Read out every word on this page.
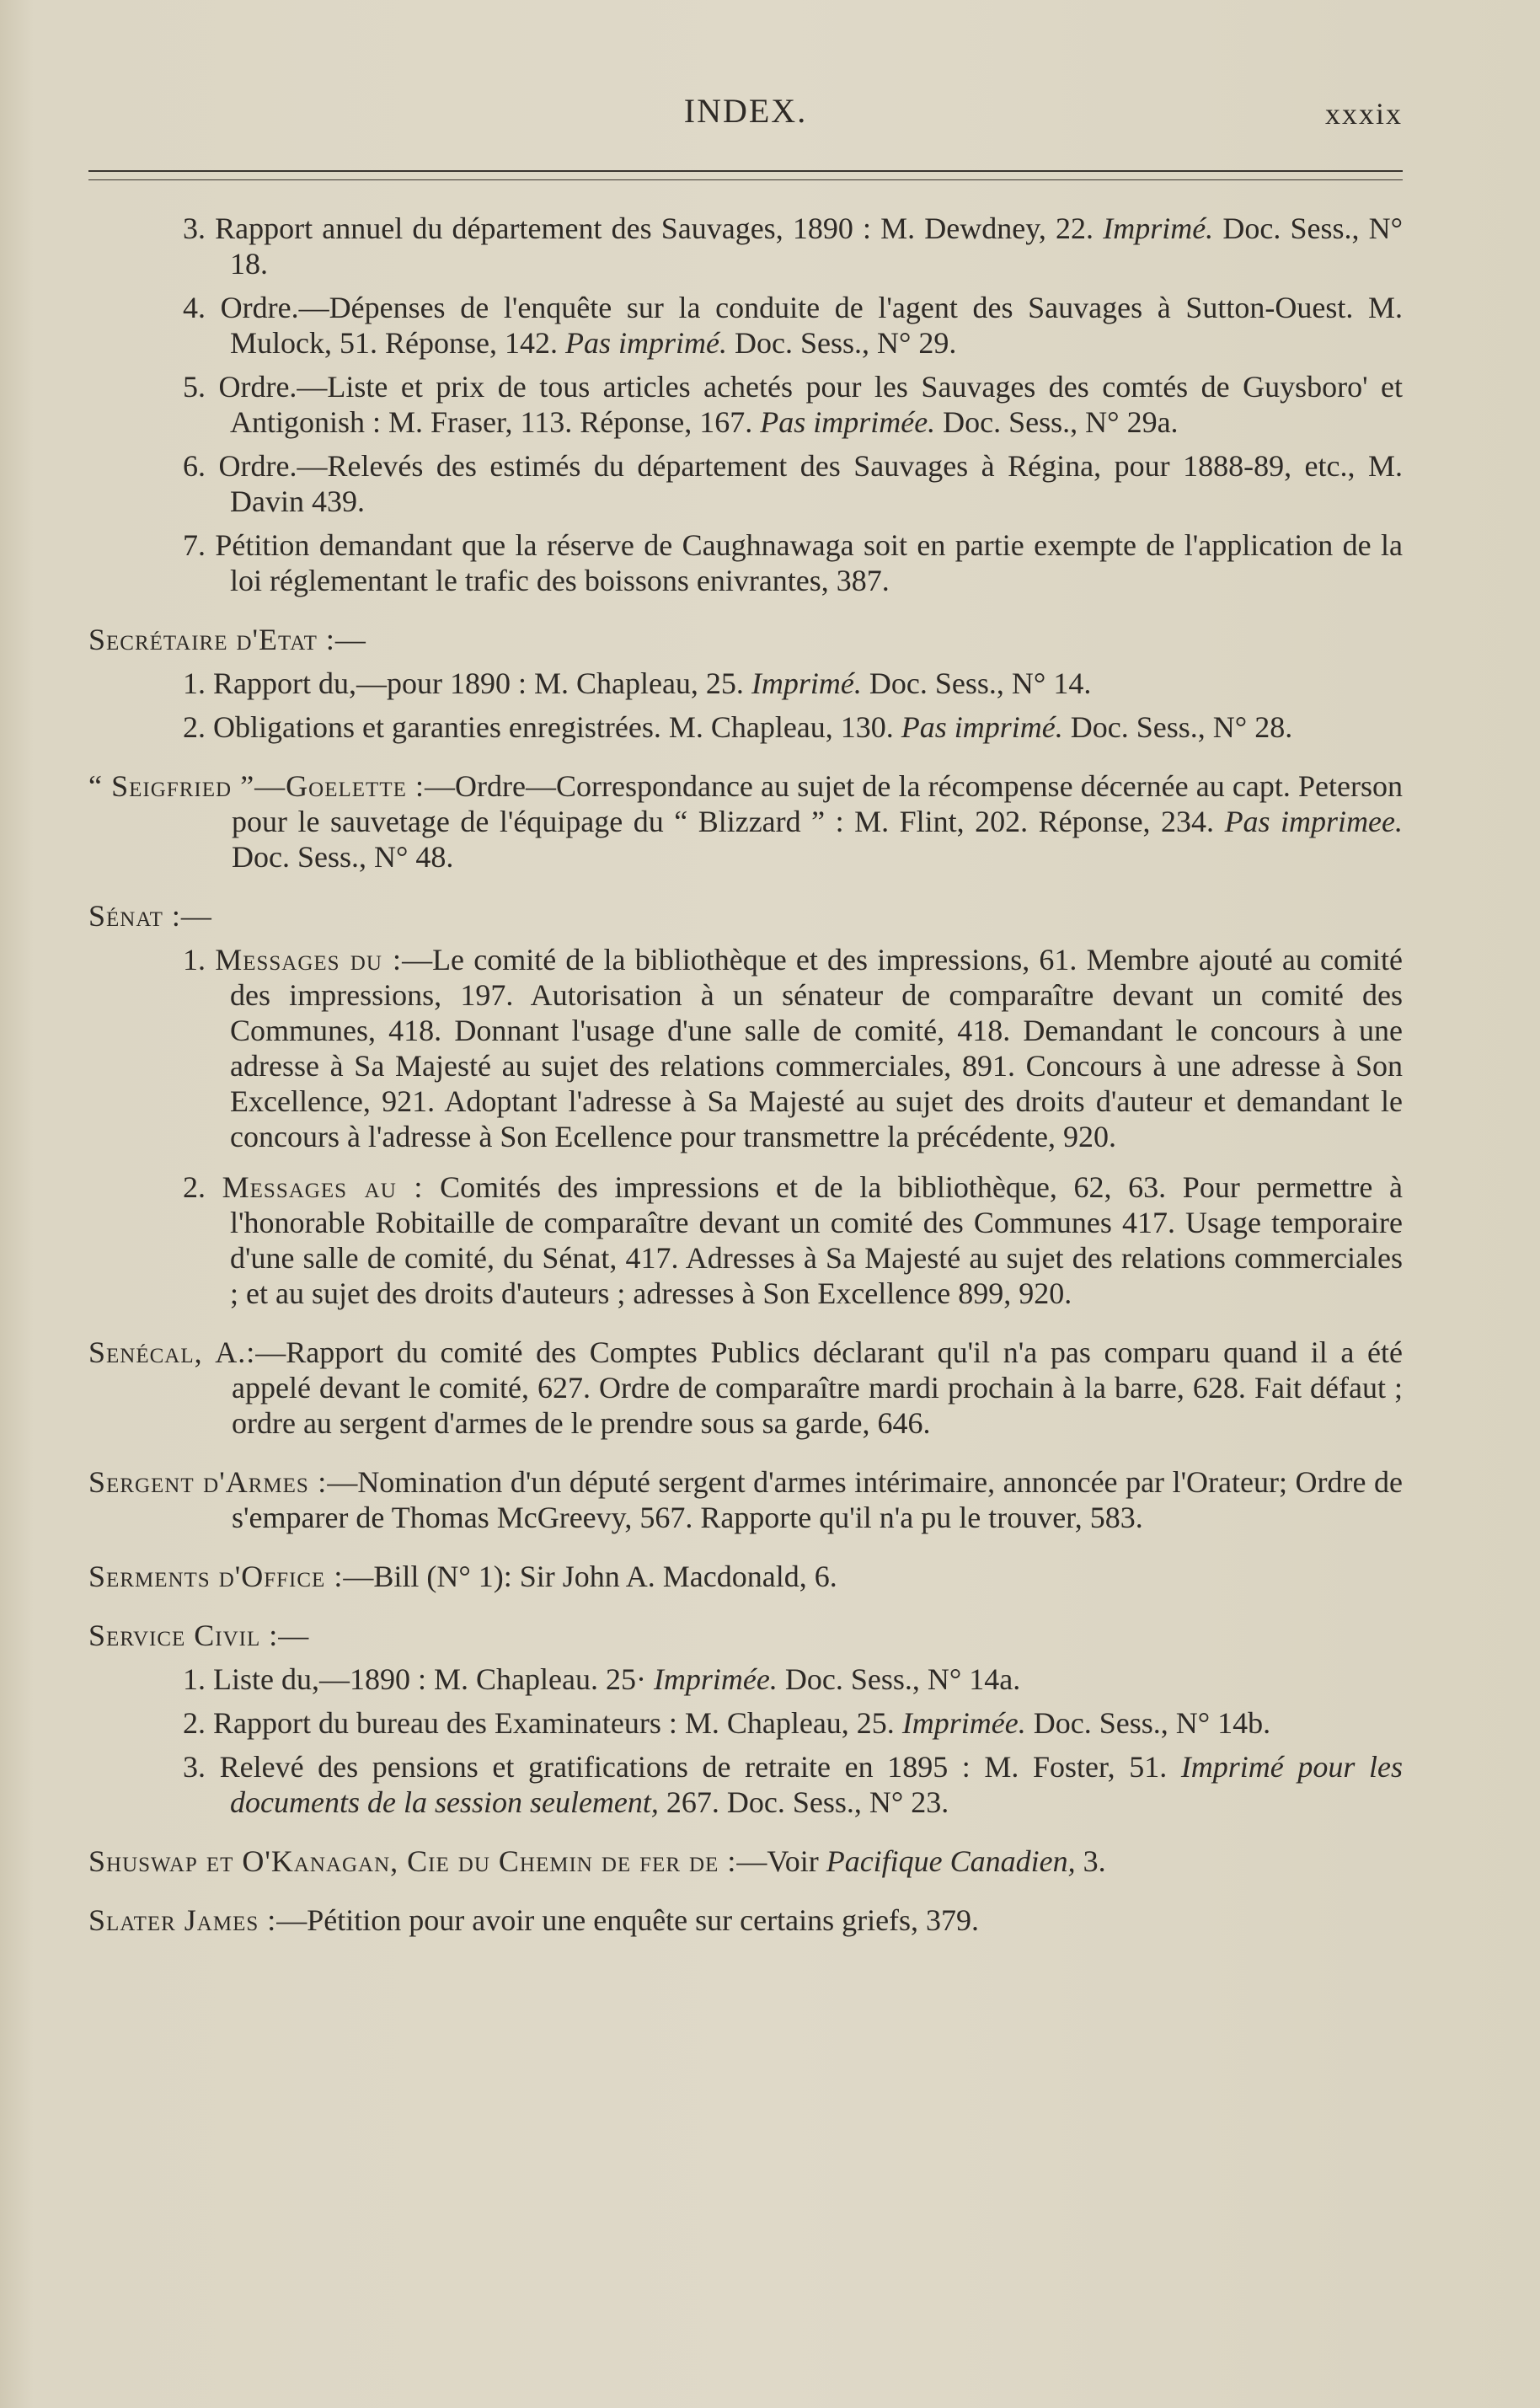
INDEX.	xxxix

3. Rapport annuel du département des Sauvages, 1890 : M. Dewdney, 22. Imprimé. Doc. Sess., N° 18.

4. Ordre.—Dépenses de l'enquête sur la conduite de l'agent des Sauvages à Sutton-Ouest. M. Mulock, 51. Réponse, 142. Pas imprimé. Doc. Sess., N° 29.

5. Ordre.—Liste et prix de tous articles achetés pour les Sauvages des comtés de Guysboro' et Antigonish : M. Fraser, 113. Réponse, 167. Pas imprimée. Doc. Sess., N° 29a.

6. Ordre.—Relevés des estimés du département des Sauvages à Régina, pour 1888-89, etc., M. Davin 439.

7. Pétition demandant que la réserve de Caughnawaga soit en partie exempte de l'application de la loi réglementant le trafic des boissons enivrantes, 387.

Secrétaire d'Etat :—

1. Rapport du,—pour 1890 : M. Chapleau, 25. Imprimé. Doc. Sess., N° 14.

2. Obligations et garanties enregistrées. M. Chapleau, 130. Pas imprimé. Doc. Sess., N° 28.

“ Seigfried ”—Goelette :—Ordre—Correspondance au sujet de la récompense décernée au capt. Peterson pour le sauvetage de l'équipage du “ Blizzard ” : M. Flint, 202. Réponse, 234. Pas imprimee. Doc. Sess., N° 48.

Sénat :—

1. Messages du :—Le comité de la bibliothèque et des impressions, 61. Membre ajouté au comité des impressions, 197. Autorisation à un sénateur de comparaître devant un comité des Communes, 418. Donnant l'usage d'une salle de comité, 418. Demandant le concours à une adresse à Sa Majesté au sujet des relations commerciales, 891. Concours à une adresse à Son Excellence, 921. Adoptant l'adresse à Sa Majesté au sujet des droits d'auteur et demandant le concours à l'adresse à Son Ecellence pour transmettre la précédente, 920.

2. Messages au : Comités des impressions et de la bibliothèque, 62, 63. Pour permettre à l'honorable Robitaille de comparaître devant un comité des Communes 417. Usage temporaire d'une salle de comité, du Sénat, 417. Adresses à Sa Majesté au sujet des relations commerciales ; et au sujet des droits d'auteurs ; adresses à Son Excellence 899, 920.

Senécal, A.:—Rapport du comité des Comptes Publics déclarant qu'il n'a pas comparu quand il a été appelé devant le comité, 627. Ordre de comparaître mardi prochain à la barre, 628. Fait défaut ; ordre au sergent d'armes de le prendre sous sa garde, 646.

Sergent d'Armes :—Nomination d'un député sergent d'armes intérimaire, annoncée par l'Orateur; Ordre de s'emparer de Thomas McGreevy, 567. Rapporte qu'il n'a pu le trouver, 583.

Serments d'Office :—Bill (N° 1): Sir John A. Macdonald, 6.

Service Civil :—

1. Liste du,—1890 : M. Chapleau. 25· Imprimée. Doc. Sess., N° 14a.

2. Rapport du bureau des Examinateurs : M. Chapleau, 25. Imprimée. Doc. Sess., N° 14b.

3. Relevé des pensions et gratifications de retraite en 1895 : M. Foster, 51. Imprimé pour les documents de la session seulement, 267. Doc. Sess., N° 23.

Shuswap et O'Kanagan, Cie du Chemin de fer de :—Voir Pacifique Canadien, 3.

Slater James :—Pétition pour avoir une enquête sur certains griefs, 379.
